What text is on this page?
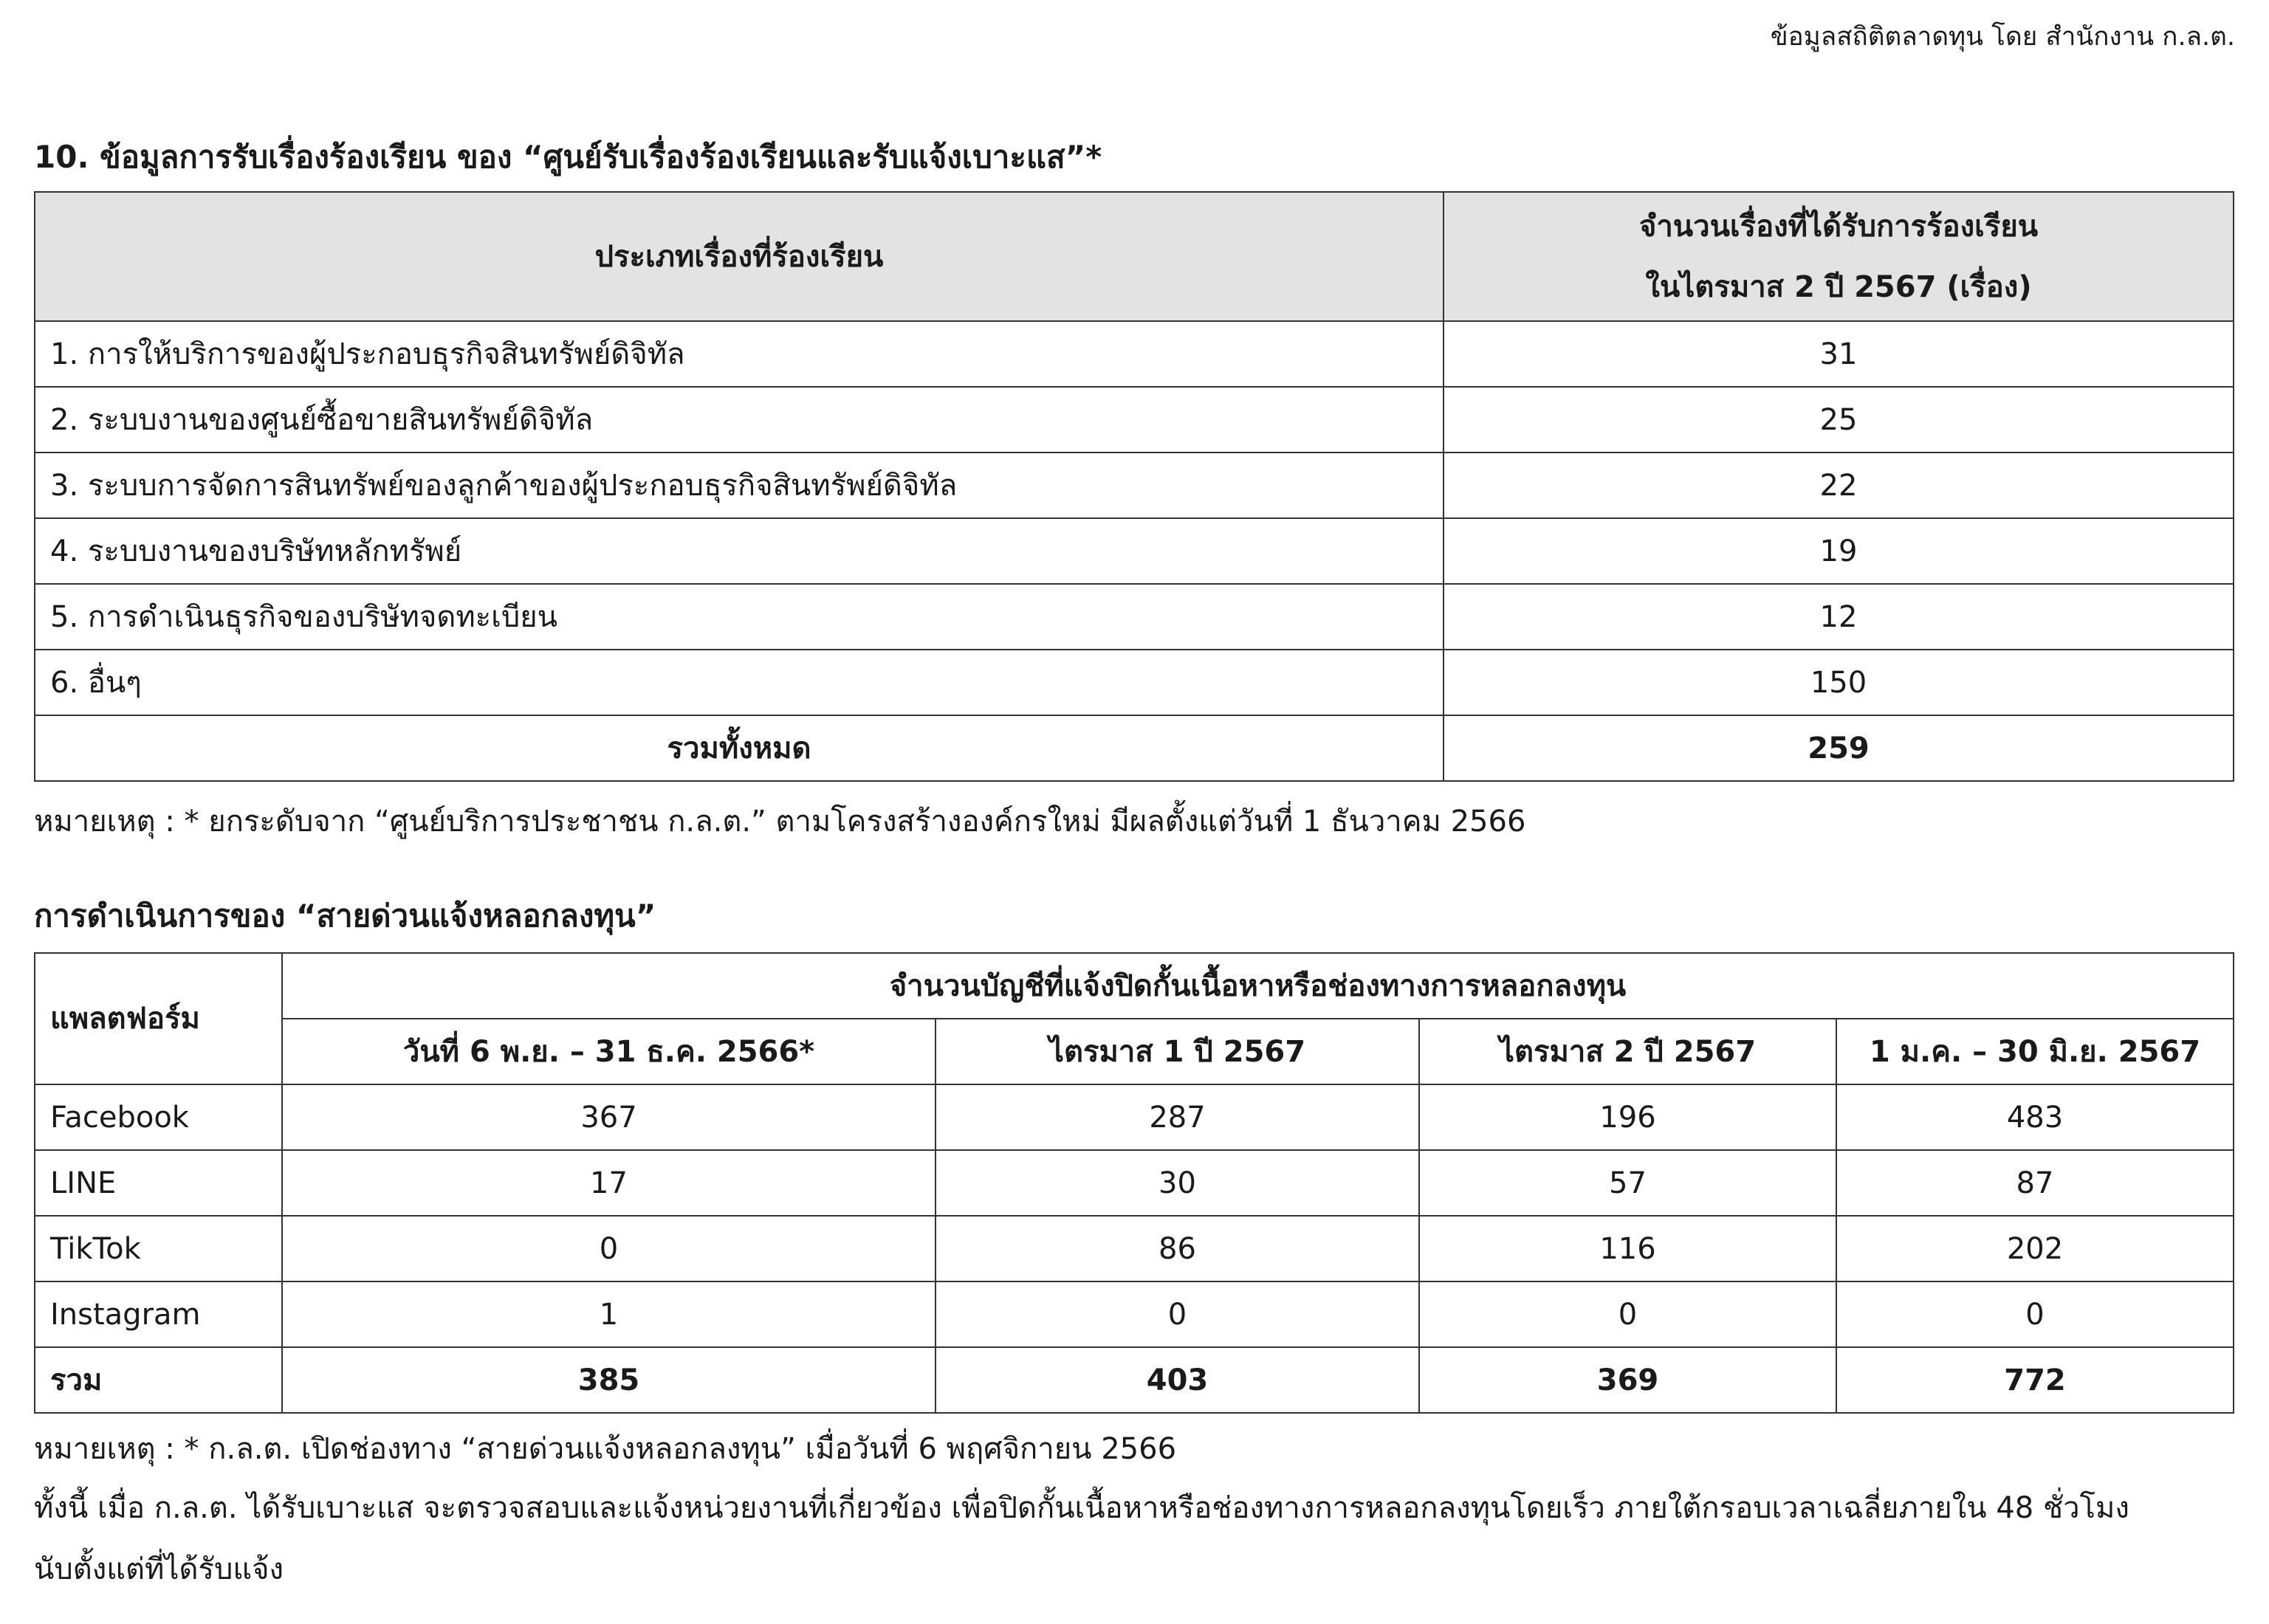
ข้อมูลสถิติตลาดทุน โดย สำนักงาน ก.ล.ต.
10. ข้อมูลการรับเรื่องร้องเรียน ของ “ศูนย์รับเรื่องร้องเรียนและรับแจ้งเบาะแส”*
ประเภทเรื่องที่ร้องเรียน	จำนวนเรื่องที่ได้รับการร้องเรียน
ในไตรมาส 2 ปี 2567 (เรื่อง)

1. การให้บริการของผู้ประกอบธุรกิจสินทรัพย์ดิจิทัล	31
2. ระบบงานของศูนย์ซื้อขายสินทรัพย์ดิจิทัล	25
3. ระบบการจัดการสินทรัพย์ของลูกค้าของผู้ประกอบธุรกิจสินทรัพย์ดิจิทัล	22
4. ระบบงานของบริษัทหลักทรัพย์	19
5. การดำเนินธุรกิจของบริษัทจดทะเบียน	12
6. อื่นๆ	150
รวมทั้งหมด	259
หมายเหตุ : * ยกระดับจาก “ศูนย์บริการประชาชน ก.ล.ต.” ตามโครงสร้างองค์กรใหม่ มีผลตั้งแต่วันที่ 1 ธันวาคม 2566
การดำเนินการของ “สายด่วนแจ้งหลอกลงทุน”
แพลตฟอร์ม	จำนวนบัญชีที่แจ้งปิดกั้นเนื้อหาหรือช่องทางการหลอกลงทุน			
	วันที่ 6 พ.ย. – 31 ธ.ค. 2566*	ไตรมาส 1 ปี 2567	ไตรมาส 2 ปี 2567	1 ม.ค. – 30 มิ.ย. 2567
Facebook	367	287	196	483
LINE	17	30	57	87
TikTok	0	86	116	202
Instagram	1	0	0	0
รวม	385	403	369	772
หมายเหตุ : * ก.ล.ต. เปิดช่องทาง “สายด่วนแจ้งหลอกลงทุน” เมื่อวันที่ 6 พฤศจิกายน 2566
ทั้งนี้ เมื่อ ก.ล.ต. ได้รับเบาะแส จะตรวจสอบและแจ้งหน่วยงานที่เกี่ยวข้อง เพื่อปิดกั้นเนื้อหาหรือช่องทางการหลอกลงทุนโดยเร็ว ภายใต้กรอบเวลาเฉลี่ยภายใน 48 ชั่วโมง
นับตั้งแต่ที่ได้รับแจ้ง
